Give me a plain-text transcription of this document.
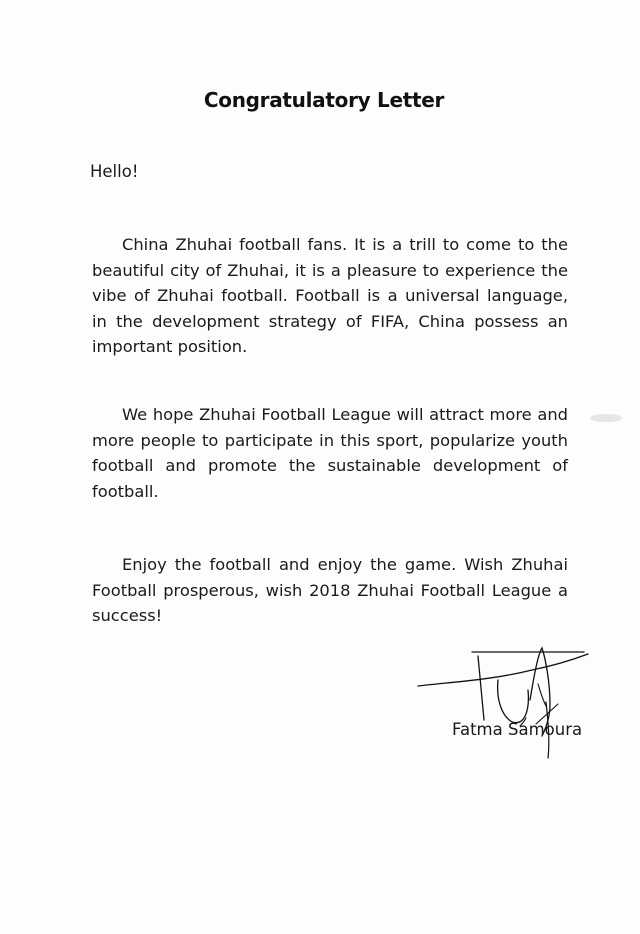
Congratulatory Letter
Hello!
China Zhuhai football fans. It is a trill to come to the beautiful city of Zhuhai, it is a pleasure to experience the vibe of Zhuhai football. Football is a universal language, in the development strategy of FIFA, China possess an important position.
We hope Zhuhai Football League will attract more and more people to participate in this sport, popularize youth football and promote the sustainable development of football.
Enjoy the football and enjoy the game. Wish Zhuhai Football prosperous, wish 2018 Zhuhai Football League a success!
Fatma Samoura
